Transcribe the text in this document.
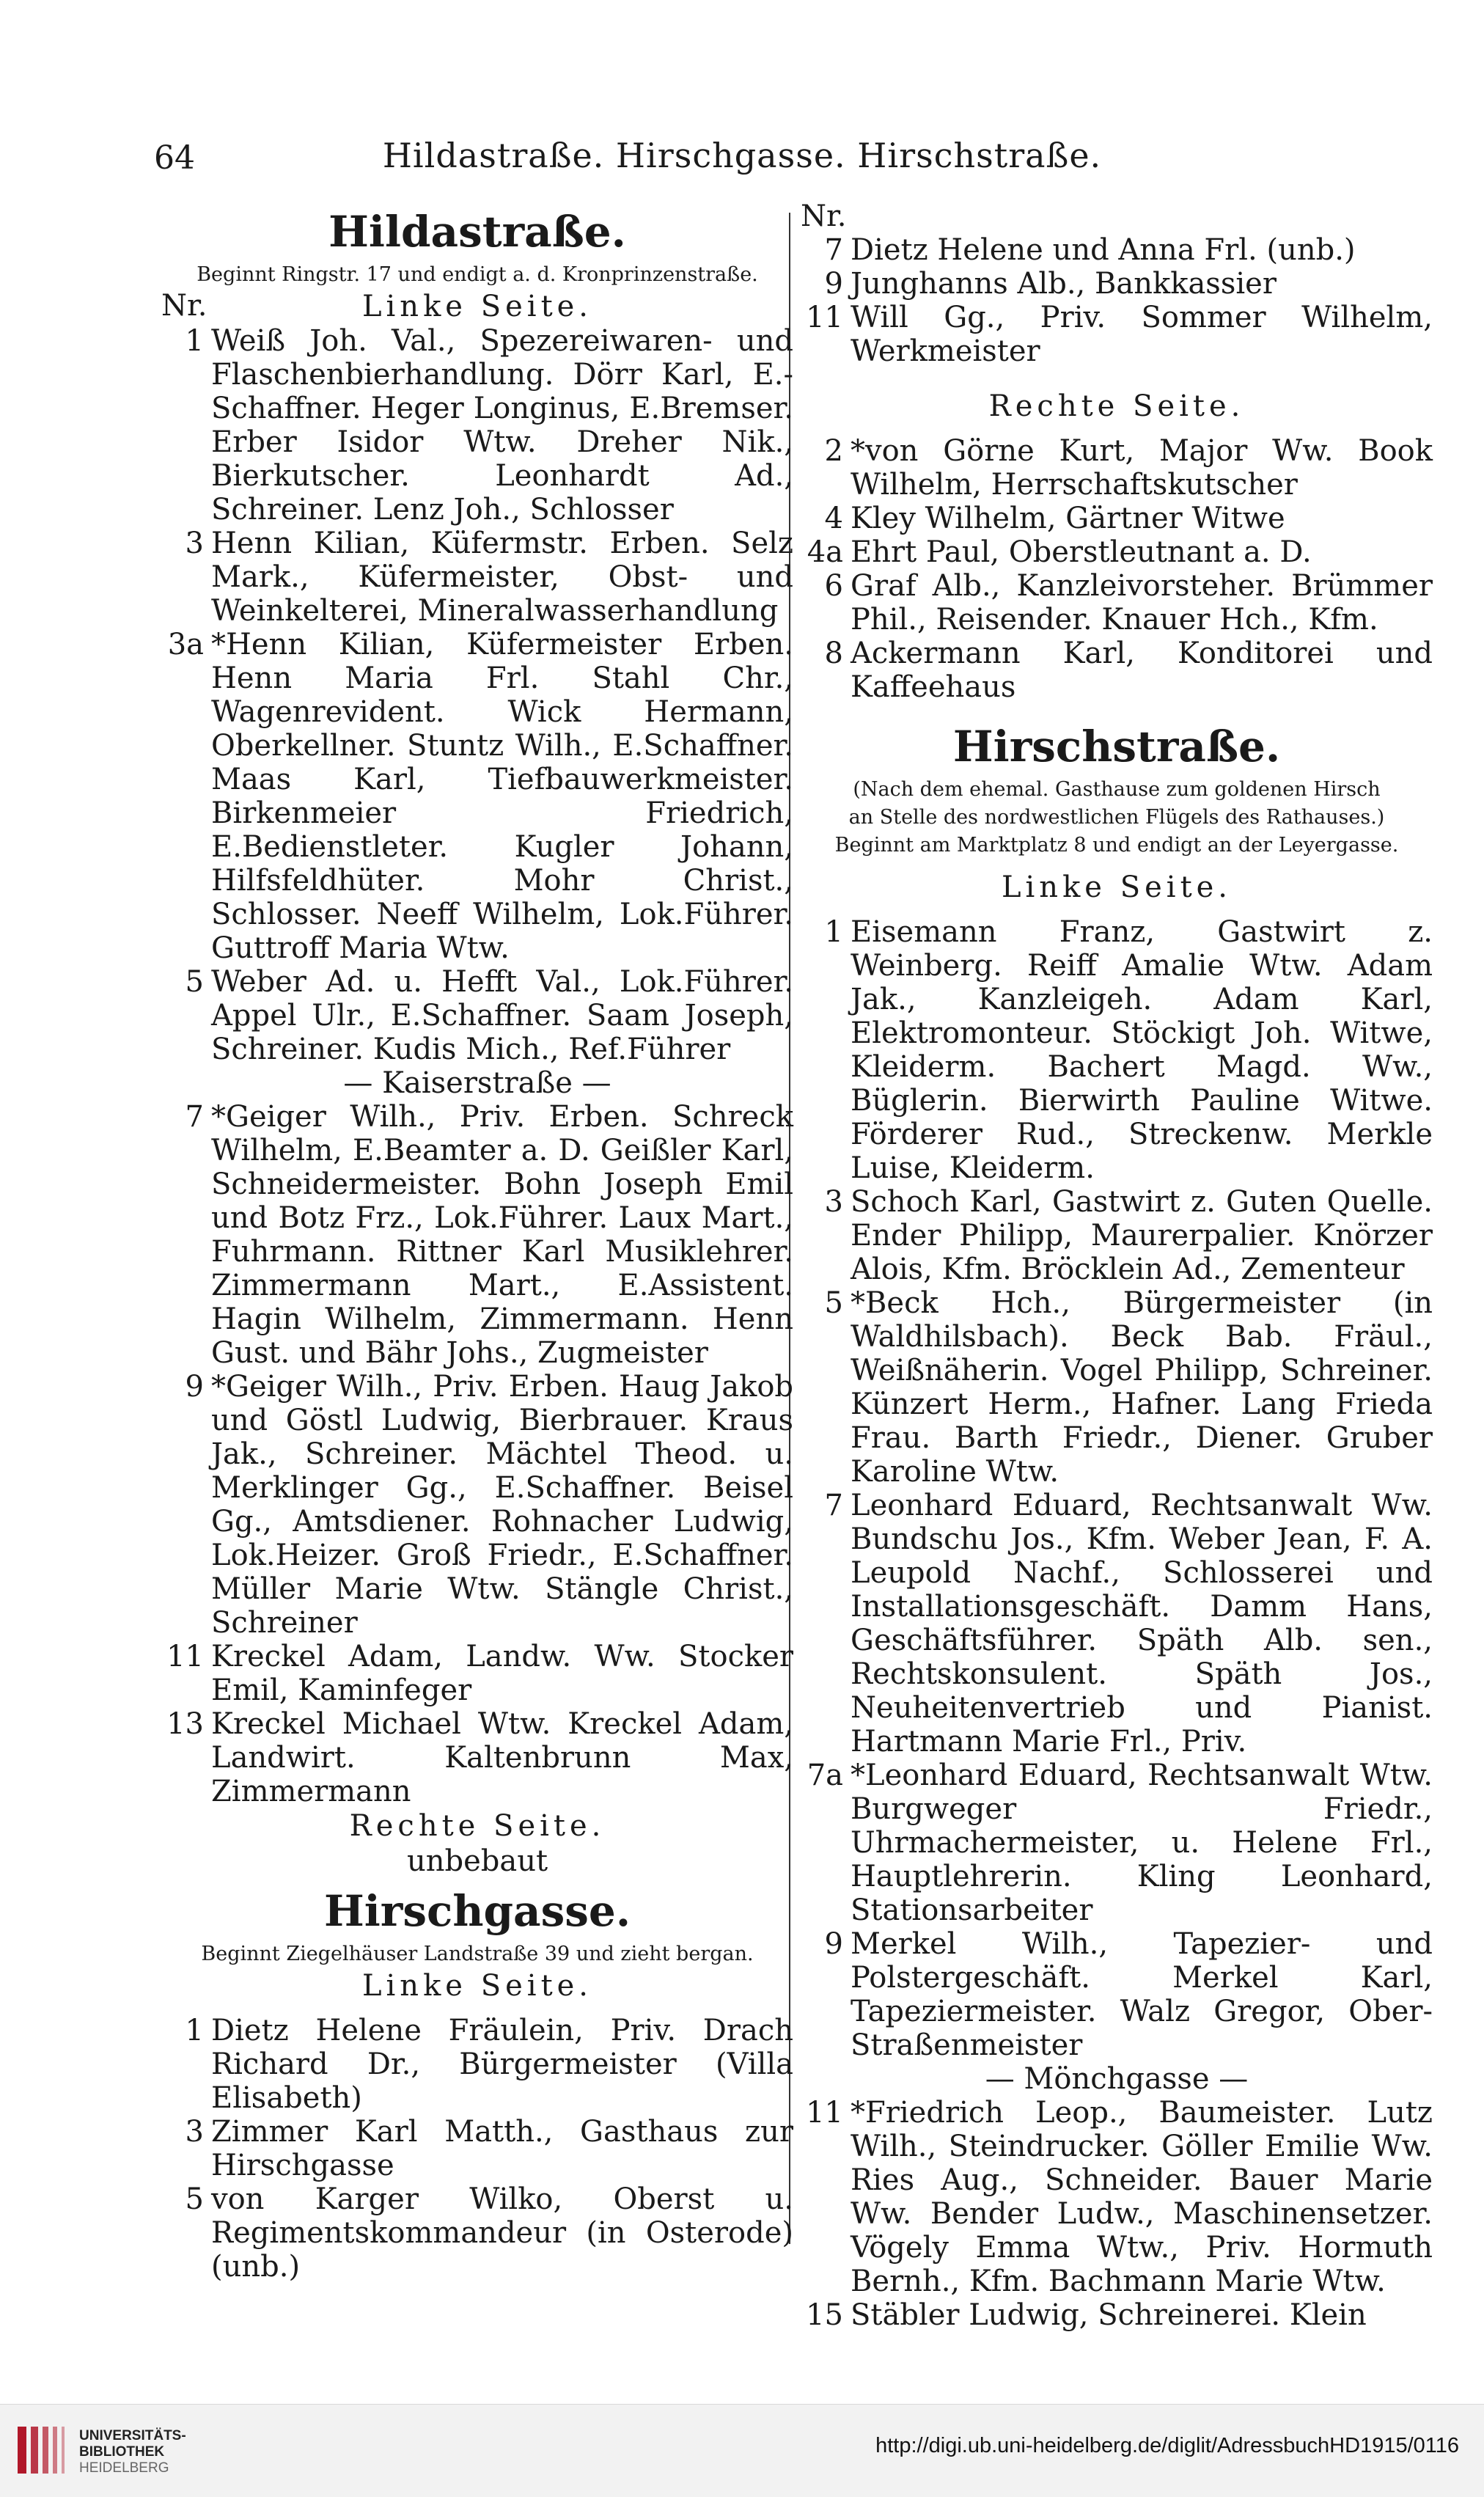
64	Hildastraße. Hirschgasse. Hirschstraße.
Hildastraße.
Beginnt Ringstr. 17 und endigt a. d. Kronprinzenstraße.
Nr.	Linke Seite.
1 Weiß Joh. Val., Spezereiwaren- und Flaschenbierhandlung. Dörr Karl, E.-Schaffner. Heger Longinus, E.Bremser. Erber Isidor Wtw. Dreher Nik., Bierkutscher. Leonhardt Ad., Schreiner. Lenz Joh., Schlosser
3 Henn Kilian, Küfermstr. Erben. Selz Mark., Küfermeister, Obst- und Weinkelterei, Mineralwasserhandlung
3a *Henn Kilian, Küfermeister Erben. Henn Maria Frl. Stahl Chr., Wagenrevident. Wick Hermann, Oberkellner. Stuntz Wilh., E.Schaffner. Maas Karl, Tiefbauwerkmeister. Birkenmeier Friedrich, E.Bedienstleter. Kugler Johann, Hilfsfeldhüter. Mohr Christ., Schlosser. Neeff Wilhelm, Lok.Führer. Guttroff Maria Wtw.
5 Weber Ad. u. Hefft Val., Lok.Führer. Appel Ulr., E.Schaffner. Saam Joseph, Schreiner. Kudis Mich., Ref.Führer
— Kaiserstraße —
7 *Geiger Wilh., Priv. Erben. Schreck Wilhelm, E.Beamter a. D. Geißler Karl, Schneidermeister. Bohn Joseph Emil und Botz Frz., Lok.Führer. Laux Mart., Fuhrmann. Rittner Karl Musiklehrer. Zimmermann Mart., E.Assistent. Hagin Wilhelm, Zimmermann. Henn Gust. und Bähr Johs., Zugmeister
9 *Geiger Wilh., Priv. Erben. Haug Jakob und Göstl Ludwig, Bierbrauer. Kraus Jak., Schreiner. Mächtel Theod. u. Merklinger Gg., E.Schaffner. Beisel Gg., Amtsdiener. Rohnacher Ludwig, Lok.Heizer. Groß Friedr., E.Schaffner. Müller Marie Wtw. Stängle Christ., Schreiner
11 Kreckel Adam, Landw. Ww. Stocker Emil, Kaminfeger
13 Kreckel Michael Wtw. Kreckel Adam, Landwirt. Kaltenbrunn Max, Zimmermann
Rechte Seite.
unbebaut
Hirschgasse.
Beginnt Ziegelhäuser Landstraße 39 und zieht bergan.
Linke Seite.
1 Dietz Helene Fräulein, Priv. Drach Richard Dr., Bürgermeister (Villa Elisabeth)
3 Zimmer Karl Matth., Gasthaus zur Hirschgasse
5 von Karger Wilko, Oberst u. Regimentskommandeur (in Osterode) (unb.)
Nr.
7 Dietz Helene und Anna Frl. (unb.)
9 Junghanns Alb., Bankkassier
11 Will Gg., Priv. Sommer Wilhelm, Werkmeister
Rechte Seite.
2 *von Görne Kurt, Major Ww. Book Wilhelm, Herrschaftskutscher
4 Kley Wilhelm, Gärtner Witwe
4a Ehrt Paul, Oberstleutnant a. D.
6 Graf Alb., Kanzleivorsteher. Brümmer Phil., Reisender. Knauer Hch., Kfm.
8 Ackermann Karl, Konditorei und Kaffeehaus
Hirschstraße.
(Nach dem ehemal. Gasthause zum goldenen Hirsch
an Stelle des nordwestlichen Flügels des Rathauses.)
Beginnt am Marktplatz 8 und endigt an der Leyergasse.
Linke Seite.
1 Eisemann Franz, Gastwirt z. Weinberg. Reiff Amalie Wtw. Adam Jak., Kanzleigeh. Adam Karl, Elektromonteur. Stöckigt Joh. Witwe, Kleiderm. Bachert Magd. Ww., Büglerin. Bierwirth Pauline Witwe. Förderer Rud., Streckenw. Merkle Luise, Kleiderm.
3 Schoch Karl, Gastwirt z. Guten Quelle. Ender Philipp, Maurerpalier. Knörzer Alois, Kfm. Bröcklein Ad., Zementeur
5 *Beck Hch., Bürgermeister (in Waldhilsbach). Beck Bab. Fräul., Weißnäherin. Vogel Philipp, Schreiner. Künzert Herm., Hafner. Lang Frieda Frau. Barth Friedr., Diener. Gruber Karoline Wtw.
7 Leonhard Eduard, Rechtsanwalt Ww. Bundschu Jos., Kfm. Weber Jean, F. A. Leupold Nachf., Schlosserei und Installationsgeschäft. Damm Hans, Geschäftsführer. Späth Alb. sen., Rechtskonsulent. Späth Jos., Neuheitenvertrieb und Pianist. Hartmann Marie Frl., Priv.
7a *Leonhard Eduard, Rechtsanwalt Wtw. Burgweger Friedr., Uhrmachermeister, u. Helene Frl., Hauptlehrerin. Kling Leonhard, Stationsarbeiter
9 Merkel Wilh., Tapezier- und Polstergeschäft. Merkel Karl, Tapeziermeister. Walz Gregor, Ober-Straßenmeister
— Mönchgasse —
11 *Friedrich Leop., Baumeister. Lutz Wilh., Steindrucker. Göller Emilie Ww. Ries Aug., Schneider. Bauer Marie Ww. Bender Ludw., Maschinensetzer. Vögely Emma Wtw., Priv. Hormuth Bernh., Kfm. Bachmann Marie Wtw.
15 Stäbler Ludwig, Schreinerei. Klein
UNIVERSITÄTS-
BIBLIOTHEK
HEIDELBERG
http://digi.ub.uni-heidelberg.de/diglit/AdressbuchHD1915/0116
